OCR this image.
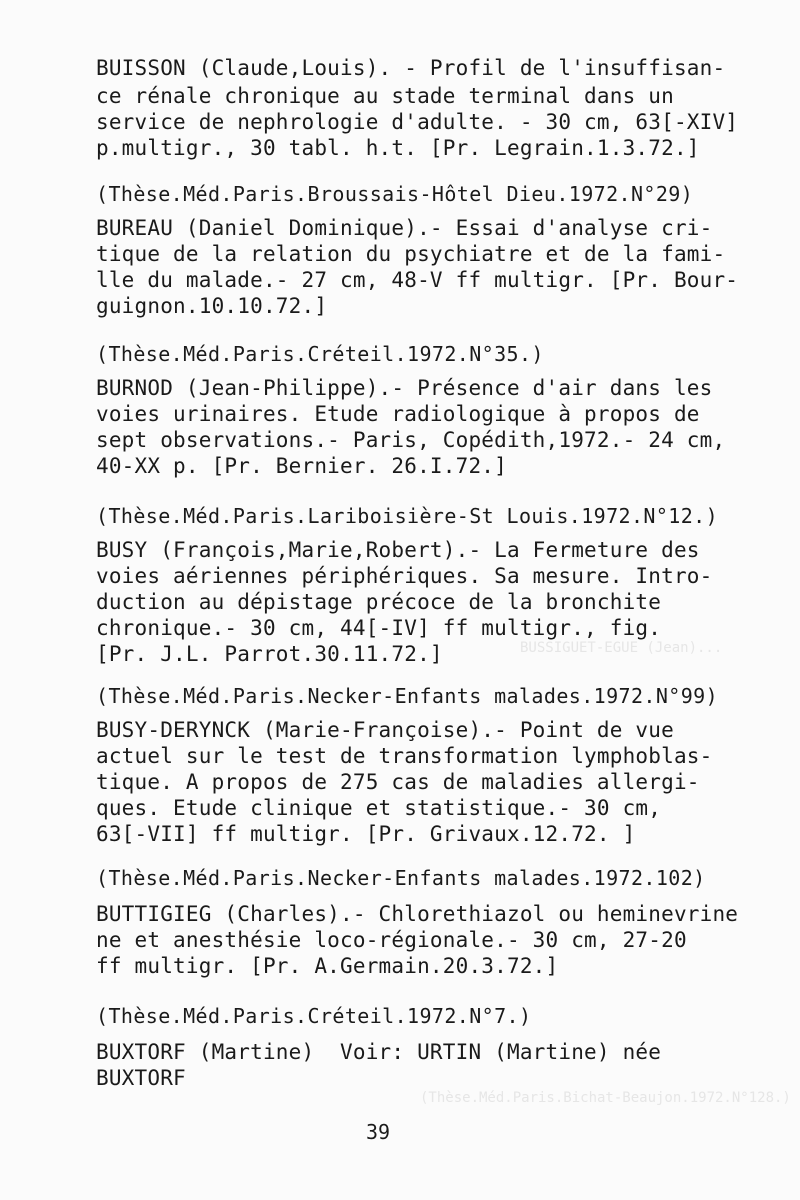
BUSSIGUET-EGUE (Jean)...
(Thèse.Méd.Paris.Bichat-Beaujon.1972.N°128.)
BUISSON (Claude,Louis). - Profil de l'insuffisan-
ce rénale chronique au stade terminal dans un
service de nephrologie d'adulte. - 30 cm, 63[-XIV]
p.multigr., 30 tabl. h.t. [Pr. Legrain.1.3.72.]
(Thèse.Méd.Paris.Broussais-Hôtel Dieu.1972.N°29)
BUREAU (Daniel Dominique).- Essai d'analyse cri-
tique de la relation du psychiatre et de la fami-
lle du malade.- 27 cm, 48-V ff multigr. [Pr. Bour-
guignon.10.10.72.]
(Thèse.Méd.Paris.Créteil.1972.N°35.)
BURNOD (Jean-Philippe).- Présence d'air dans les
voies urinaires. Etude radiologique à propos de
sept observations.- Paris, Copédith,1972.- 24 cm,
40-XX p. [Pr. Bernier. 26.I.72.]
(Thèse.Méd.Paris.Lariboisière-St Louis.1972.N°12.)
BUSY (François,Marie,Robert).- La Fermeture des
voies aériennes périphériques. Sa mesure. Intro-
duction au dépistage précoce de la bronchite
chronique.- 30 cm, 44[-IV] ff multigr., fig.
[Pr. J.L. Parrot.30.11.72.]
(Thèse.Méd.Paris.Necker-Enfants malades.1972.N°99)
BUSY-DERYNCK (Marie-Françoise).- Point de vue
actuel sur le test de transformation lymphoblas-
tique. A propos de 275 cas de maladies allergi-
ques. Etude clinique et statistique.- 30 cm,
63[-VII] ff multigr. [Pr. Grivaux.12.72. ]
(Thèse.Méd.Paris.Necker-Enfants malades.1972.102)
BUTTIGIEG (Charles).- Chlorethiazol ou heminevrine
ne et anesthésie loco-régionale.- 30 cm, 27-20
ff multigr. [Pr. A.Germain.20.3.72.]
(Thèse.Méd.Paris.Créteil.1972.N°7.)
BUXTORF (Martine)  Voir: URTIN (Martine) née
BUXTORF
39
